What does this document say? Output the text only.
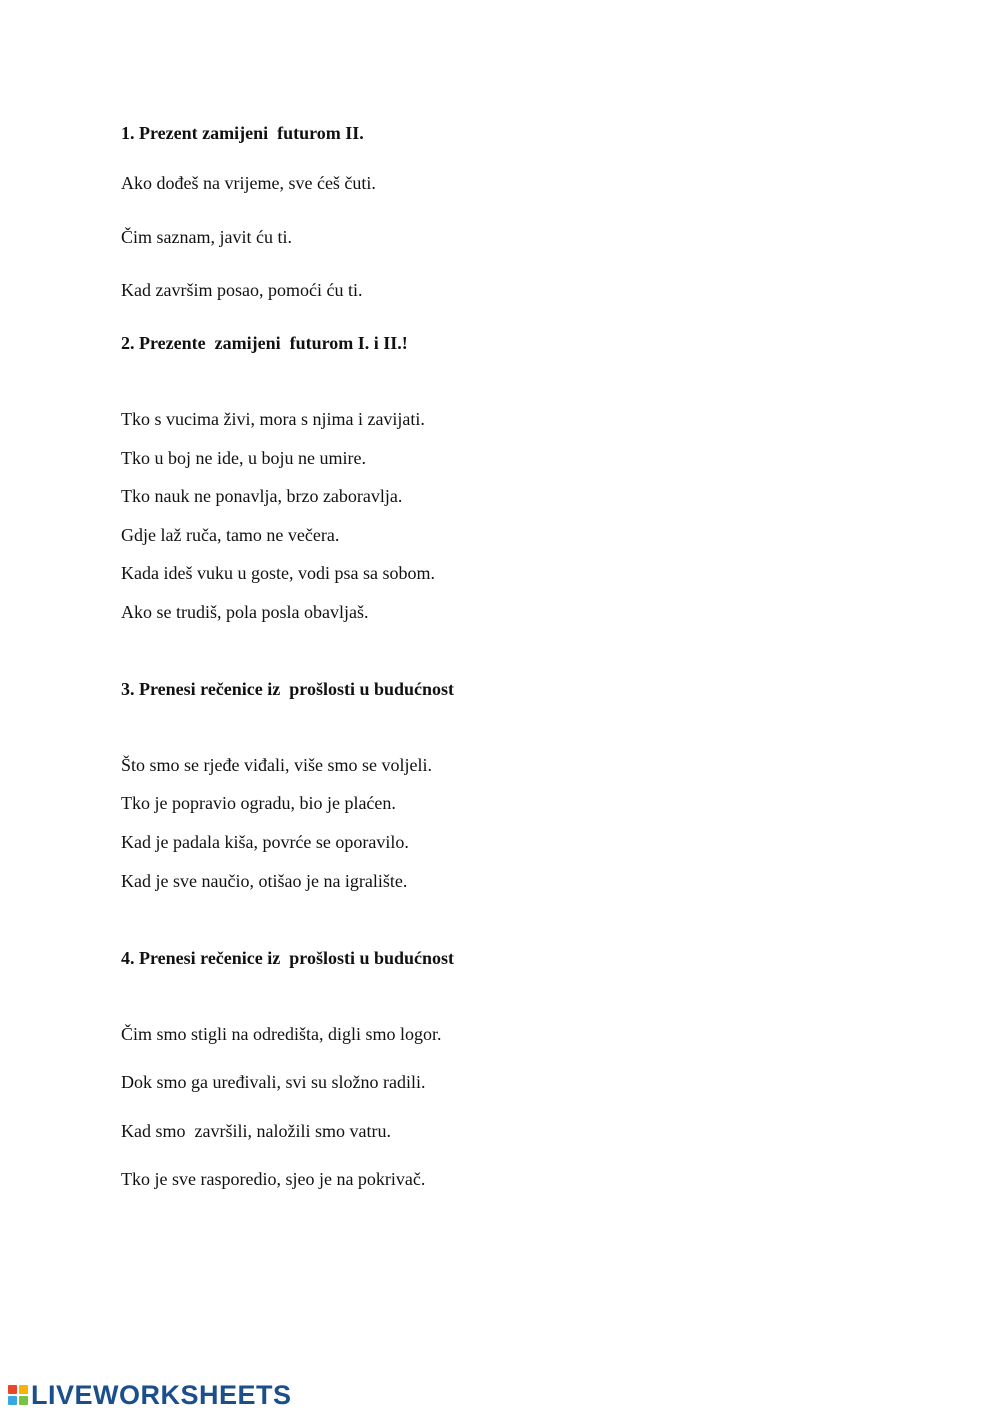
1. Prezent zamijeni  futurom II.
Ako dođeš na vrijeme, sve ćeš čuti.
Čim saznam, javit ću ti.
Kad završim posao, pomoći ću ti.
2. Prezente  zamijeni  futurom I. i II.!
Tko s vucima živi, mora s njima i zavijati.
Tko u boj ne ide, u boju ne umire.
Tko nauk ne ponavlja, brzo zaboravlja.
Gdje laž ruča, tamo ne večera.
Kada ideš vuku u goste, vodi psa sa sobom.
Ako se trudiš, pola posla obavljaš.
3. Prenesi rečenice iz  prošlosti u budućnost
Što smo se rjeđe viđali, više smo se voljeli.
Tko je popravio ogradu, bio je plaćen.
Kad je padala kiša, povrće se oporavilo.
Kad je sve naučio, otišao je na igralište.
4. Prenesi rečenice iz  prošlosti u budućnost
Čim smo stigli na odredišta, digli smo logor.
Dok smo ga uređivali, svi su složno radili.
Kad smo  završili, naložili smo vatru.
Tko je sve rasporedio, sjeo je na pokrivač.
LIVEWORKSHEETS
